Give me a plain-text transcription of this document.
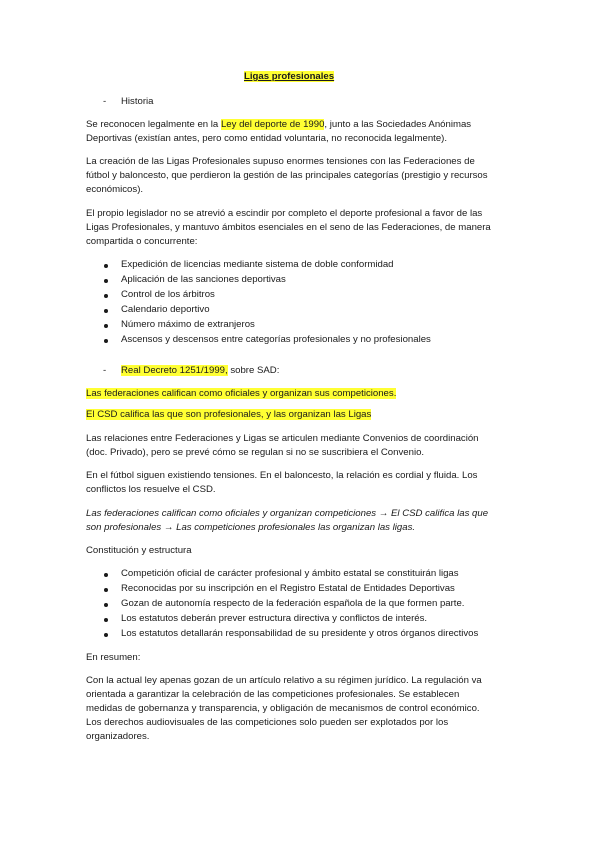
Ligas profesionales
- Historia
Se reconocen legalmente en la Ley del deporte de 1990, junto a las Sociedades Anónimas
Deportivas (existían antes, pero como entidad voluntaria, no reconocida legalmente).
La creación de las Ligas Profesionales supuso enormes tensiones con las Federaciones de
fútbol y baloncesto, que perdieron la gestión de las principales categorías (prestigio y recursos
económicos).
El propio legislador no se atrevió a escindir por completo el deporte profesional a favor de las
Ligas Profesionales, y mantuvo ámbitos esenciales en el seno de las Federaciones, de manera
compartida o concurrente:
Expedición de licencias mediante sistema de doble conformidad
Aplicación de las sanciones deportivas
Control de los árbitros
Calendario deportivo
Número máximo de extranjeros
Ascensos y descensos entre categorías profesionales y no profesionales
- Real Decreto 1251/1999, sobre SAD:
Las federaciones califican como oficiales y organizan sus competiciones.
El CSD califica las que son profesionales, y las organizan las Ligas
Las relaciones entre Federaciones y Ligas se articulen mediante Convenios de coordinación
(doc. Privado), pero se prevé cómo se regulan si no se suscribiera el Convenio.
En el fútbol siguen existiendo tensiones. En el baloncesto, la relación es cordial y fluida. Los
conflictos los resuelve el CSD.
Las federaciones califican como oficiales y organizan competiciones → El CSD califica las que
son profesionales → Las competiciones profesionales las organizan las ligas.
Constitución y estructura
Competición oficial de carácter profesional y ámbito estatal se constituirán ligas
Reconocidas por su inscripción en el Registro Estatal de Entidades Deportivas
Gozan de autonomía respecto de la federación española de la que formen parte.
Los estatutos deberán prever estructura directiva y conflictos de interés.
Los estatutos detallarán responsabilidad de su presidente y otros órganos directivos
En resumen:
Con la actual ley apenas gozan de un artículo relativo a su régimen jurídico. La regulación va
orientada a garantizar la celebración de las competiciones profesionales. Se establecen
medidas de gobernanza y transparencia, y obligación de mecanismos de control económico.
Los derechos audiovisuales de las competiciones solo pueden ser explotados por los
organizadores.
